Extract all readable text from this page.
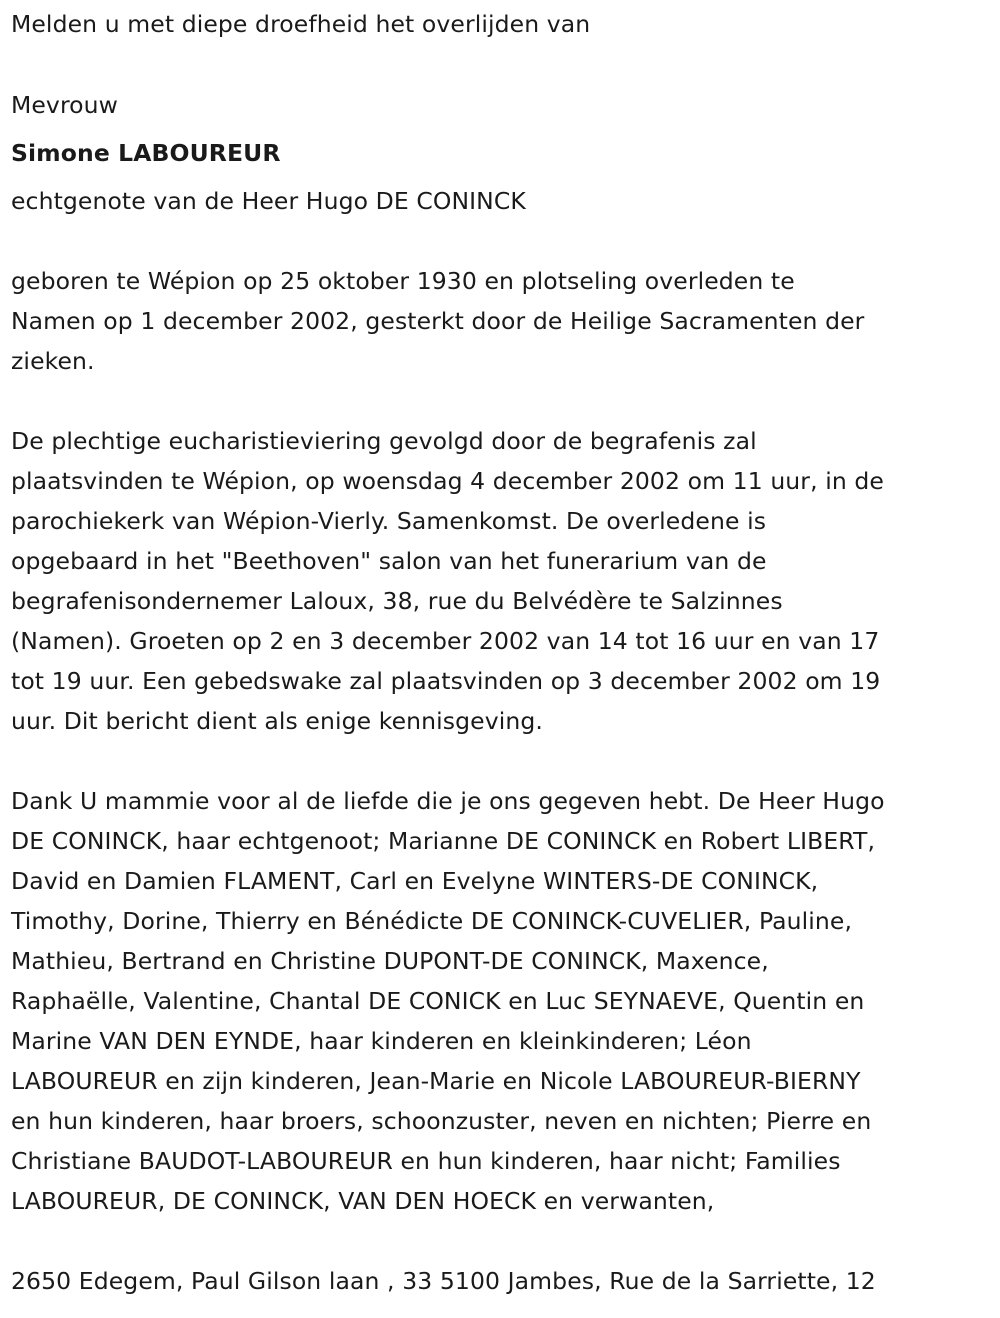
Melden u met diepe droefheid het overlijden van

Mevrouw

Simone LABOUREUR

echtgenote van de Heer Hugo DE CONINCK

geboren te Wépion op 25 oktober 1930 en plotseling overleden te
Namen op 1 december 2002, gesterkt door de Heilige Sacramenten der
zieken.
De plechtige eucharistieviering gevolgd door de begrafenis zal
plaatsvinden te Wépion, op woensdag 4 december 2002 om 11 uur, in de
parochiekerk van Wépion-Vierly. Samenkomst. De overledene is
opgebaard in het "Beethoven" salon van het funerarium van de
begrafenisondernemer Laloux, 38, rue du Belvédère te Salzinnes
(Namen). Groeten op 2 en 3 december 2002 van 14 tot 16 uur en van 17
tot 19 uur. Een gebedswake zal plaatsvinden op 3 december 2002 om 19
uur. Dit bericht dient als enige kennisgeving.
Dank U mammie voor al de liefde die je ons gegeven hebt. De Heer Hugo
DE CONINCK, haar echtgenoot; Marianne DE CONINCK en Robert LIBERT,
David en Damien FLAMENT, Carl en Evelyne WINTERS-DE CONINCK,
Timothy, Dorine, Thierry en Bénédicte DE CONINCK-CUVELIER, Pauline,
Mathieu, Bertrand en Christine DUPONT-DE CONINCK, Maxence,
Raphaëlle, Valentine, Chantal DE CONICK en Luc SEYNAEVE, Quentin en
Marine VAN DEN EYNDE, haar kinderen en kleinkinderen; Léon
LABOUREUR en zijn kinderen, Jean-Marie en Nicole LABOUREUR-BIERNY
en hun kinderen, haar broers, schoonzuster, neven en nichten; Pierre en
Christiane BAUDOT-LABOUREUR en hun kinderen, haar nicht; Families
LABOUREUR, DE CONINCK, VAN DEN HOECK en verwanten,

2650 Edegem, Paul Gilson laan , 33 5100 Jambes, Rue de la Sarriette, 12
